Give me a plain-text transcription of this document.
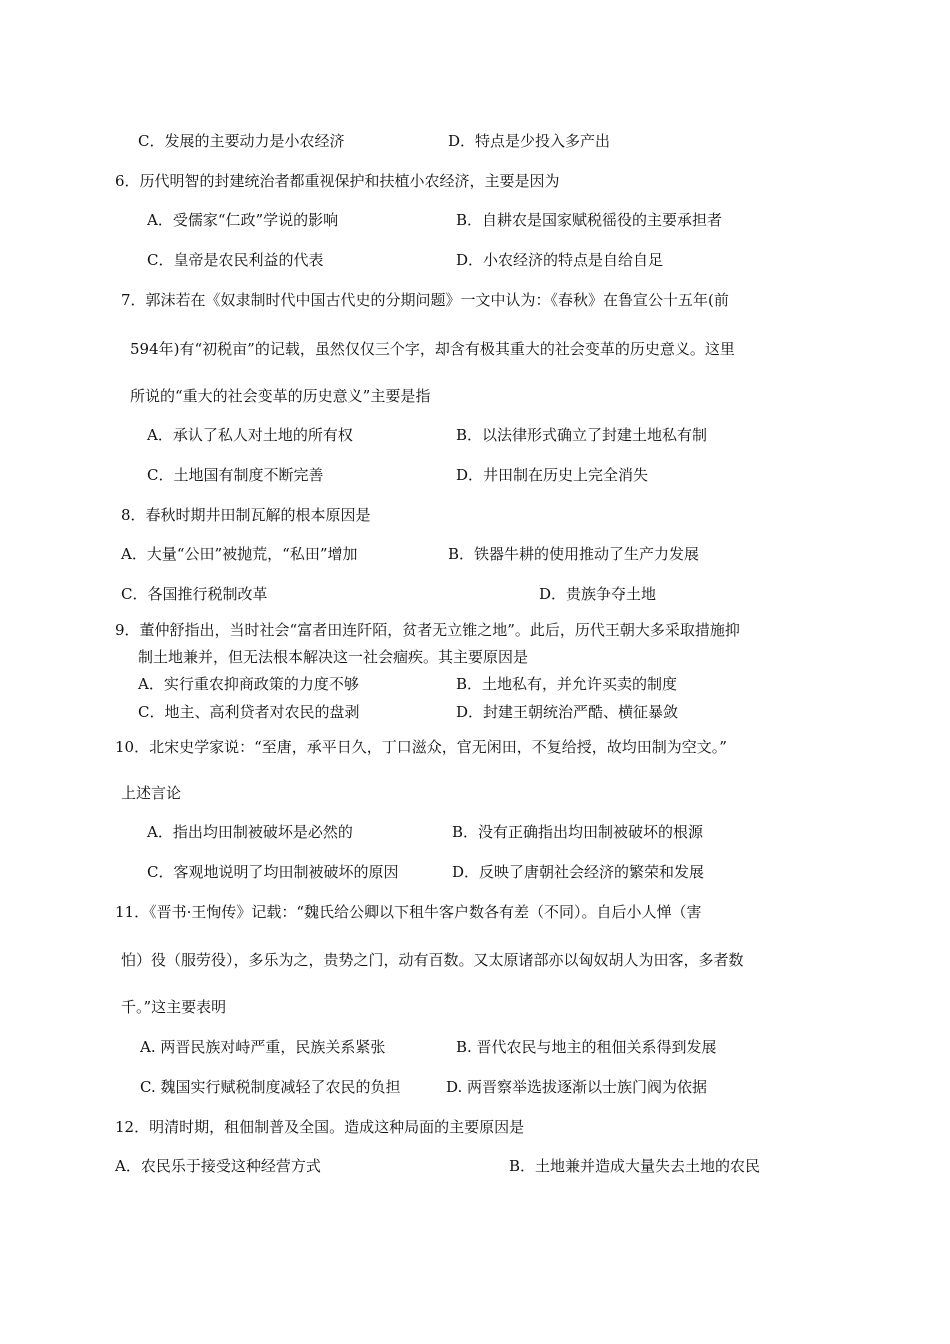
C．发展的主要动力是小农经济	D．特点是少投入多产出
6．历代明智的封建统治者都重视保护和扶植小农经济，主要是因为
A．受儒家“仁政”学说的影响	B．自耕农是国家赋税徭役的主要承担者
C．皇帝是农民利益的代表	D．小农经济的特点是自给自足
7．郭沫若在《奴隶制时代中国古代史的分期问题》一文中认为：《春秋》在鲁宣公十五年(前
594年)有“初税亩”的记载，虽然仅仅三个字，却含有极其重大的社会变革的历史意义。这里
所说的“重大的社会变革的历史意义”主要是指
A．承认了私人对土地的所有权	B．以法律形式确立了封建土地私有制
C．土地国有制度不断完善	D．井田制在历史上完全消失
8．春秋时期井田制瓦解的根本原因是
A．大量“公田”被抛荒，“私田”增加	B．铁器牛耕的使用推动了生产力发展
C．各国推行税制改革	D．贵族争夺土地
9．董仲舒指出，当时社会“富者田连阡陌，贫者无立锥之地”。此后，历代王朝大多采取措施抑
制土地兼并，但无法根本解决这一社会痼疾。其主要原因是
A．实行重农抑商政策的力度不够	B．土地私有，并允许买卖的制度
C．地主、高利贷者对农民的盘剥	D．封建王朝统治严酷、横征暴敛
10．北宋史学家说：“至唐，承平日久，丁口滋众，官无闲田，不复给授，故均田制为空文。”
上述言论
A．指出均田制被破坏是必然的	B．没有正确指出均田制被破坏的根源
C．客观地说明了均田制被破坏的原因	D．反映了唐朝社会经济的繁荣和发展
11．《晋书·王恂传》记载：“魏氏给公卿以下租牛客户数各有差（不同）。自后小人惮（害
怕）役（服劳役），多乐为之，贵势之门，动有百数。又太原诸部亦以匈奴胡人为田客，多者数
千。”这主要表明
A. 两晋民族对峙严重，民族关系紧张	B. 晋代农民与地主的租佃关系得到发展
C. 魏国实行赋税制度减轻了农民的负担	D. 两晋察举选拔逐渐以士族门阀为依据
12．明清时期，租佃制普及全国。造成这种局面的主要原因是
A．农民乐于接受这种经营方式	B．土地兼并造成大量失去土地的农民
